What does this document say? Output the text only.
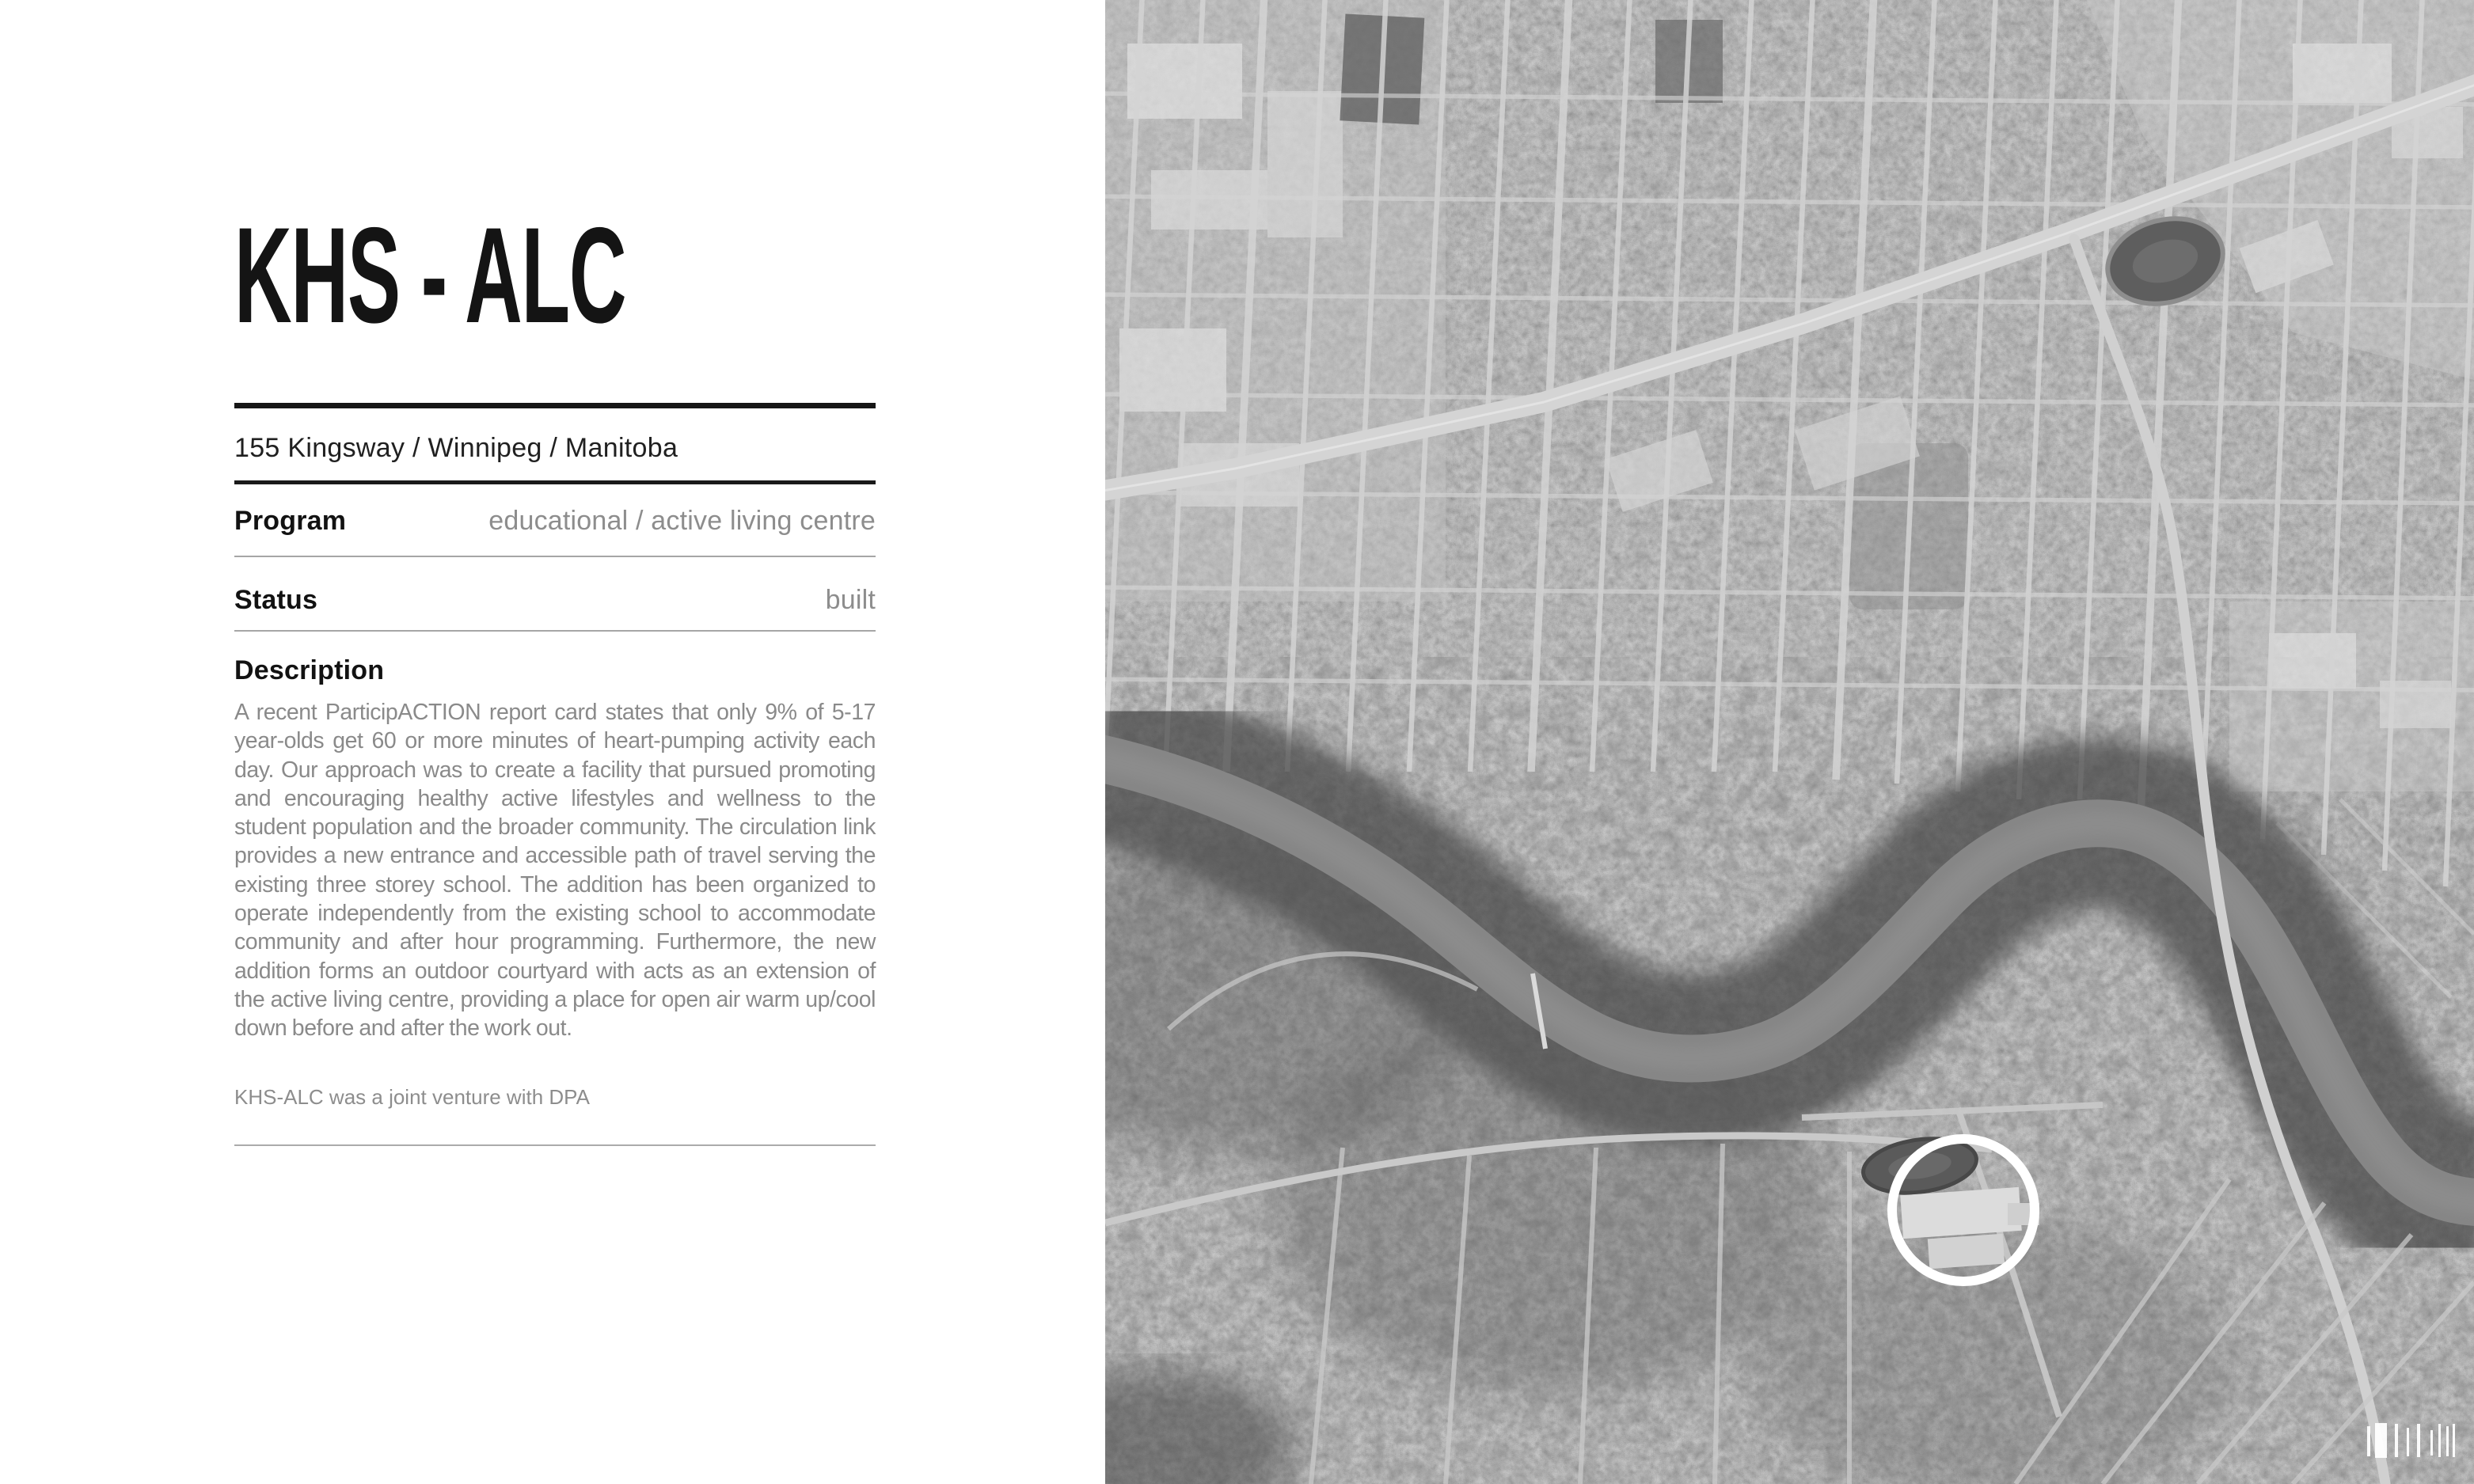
KHS - ALC
155 Kingsway / Winnipeg / Manitoba
Program	educational / active living centre
Status	built
Description
A recent ParticipACTION report card states that only 9% of 5-17 year-olds get 60 or more minutes of heart-pumping activity each day. Our approach was to create a facility that pursued promoting and encouraging healthy active lifestyles and wellness to the student population and the broader community. The circulation link provides a new entrance and accessible path of travel serving the existing three storey school. The addition has been organized to operate independently from the existing school to accommodate community and after hour programming. Furthermore, the new addition forms an outdoor courtyard with acts as an extension of the active living centre, providing a place for open air warm up/cool down before and after the work out.
KHS-ALC was a joint venture with DPA
